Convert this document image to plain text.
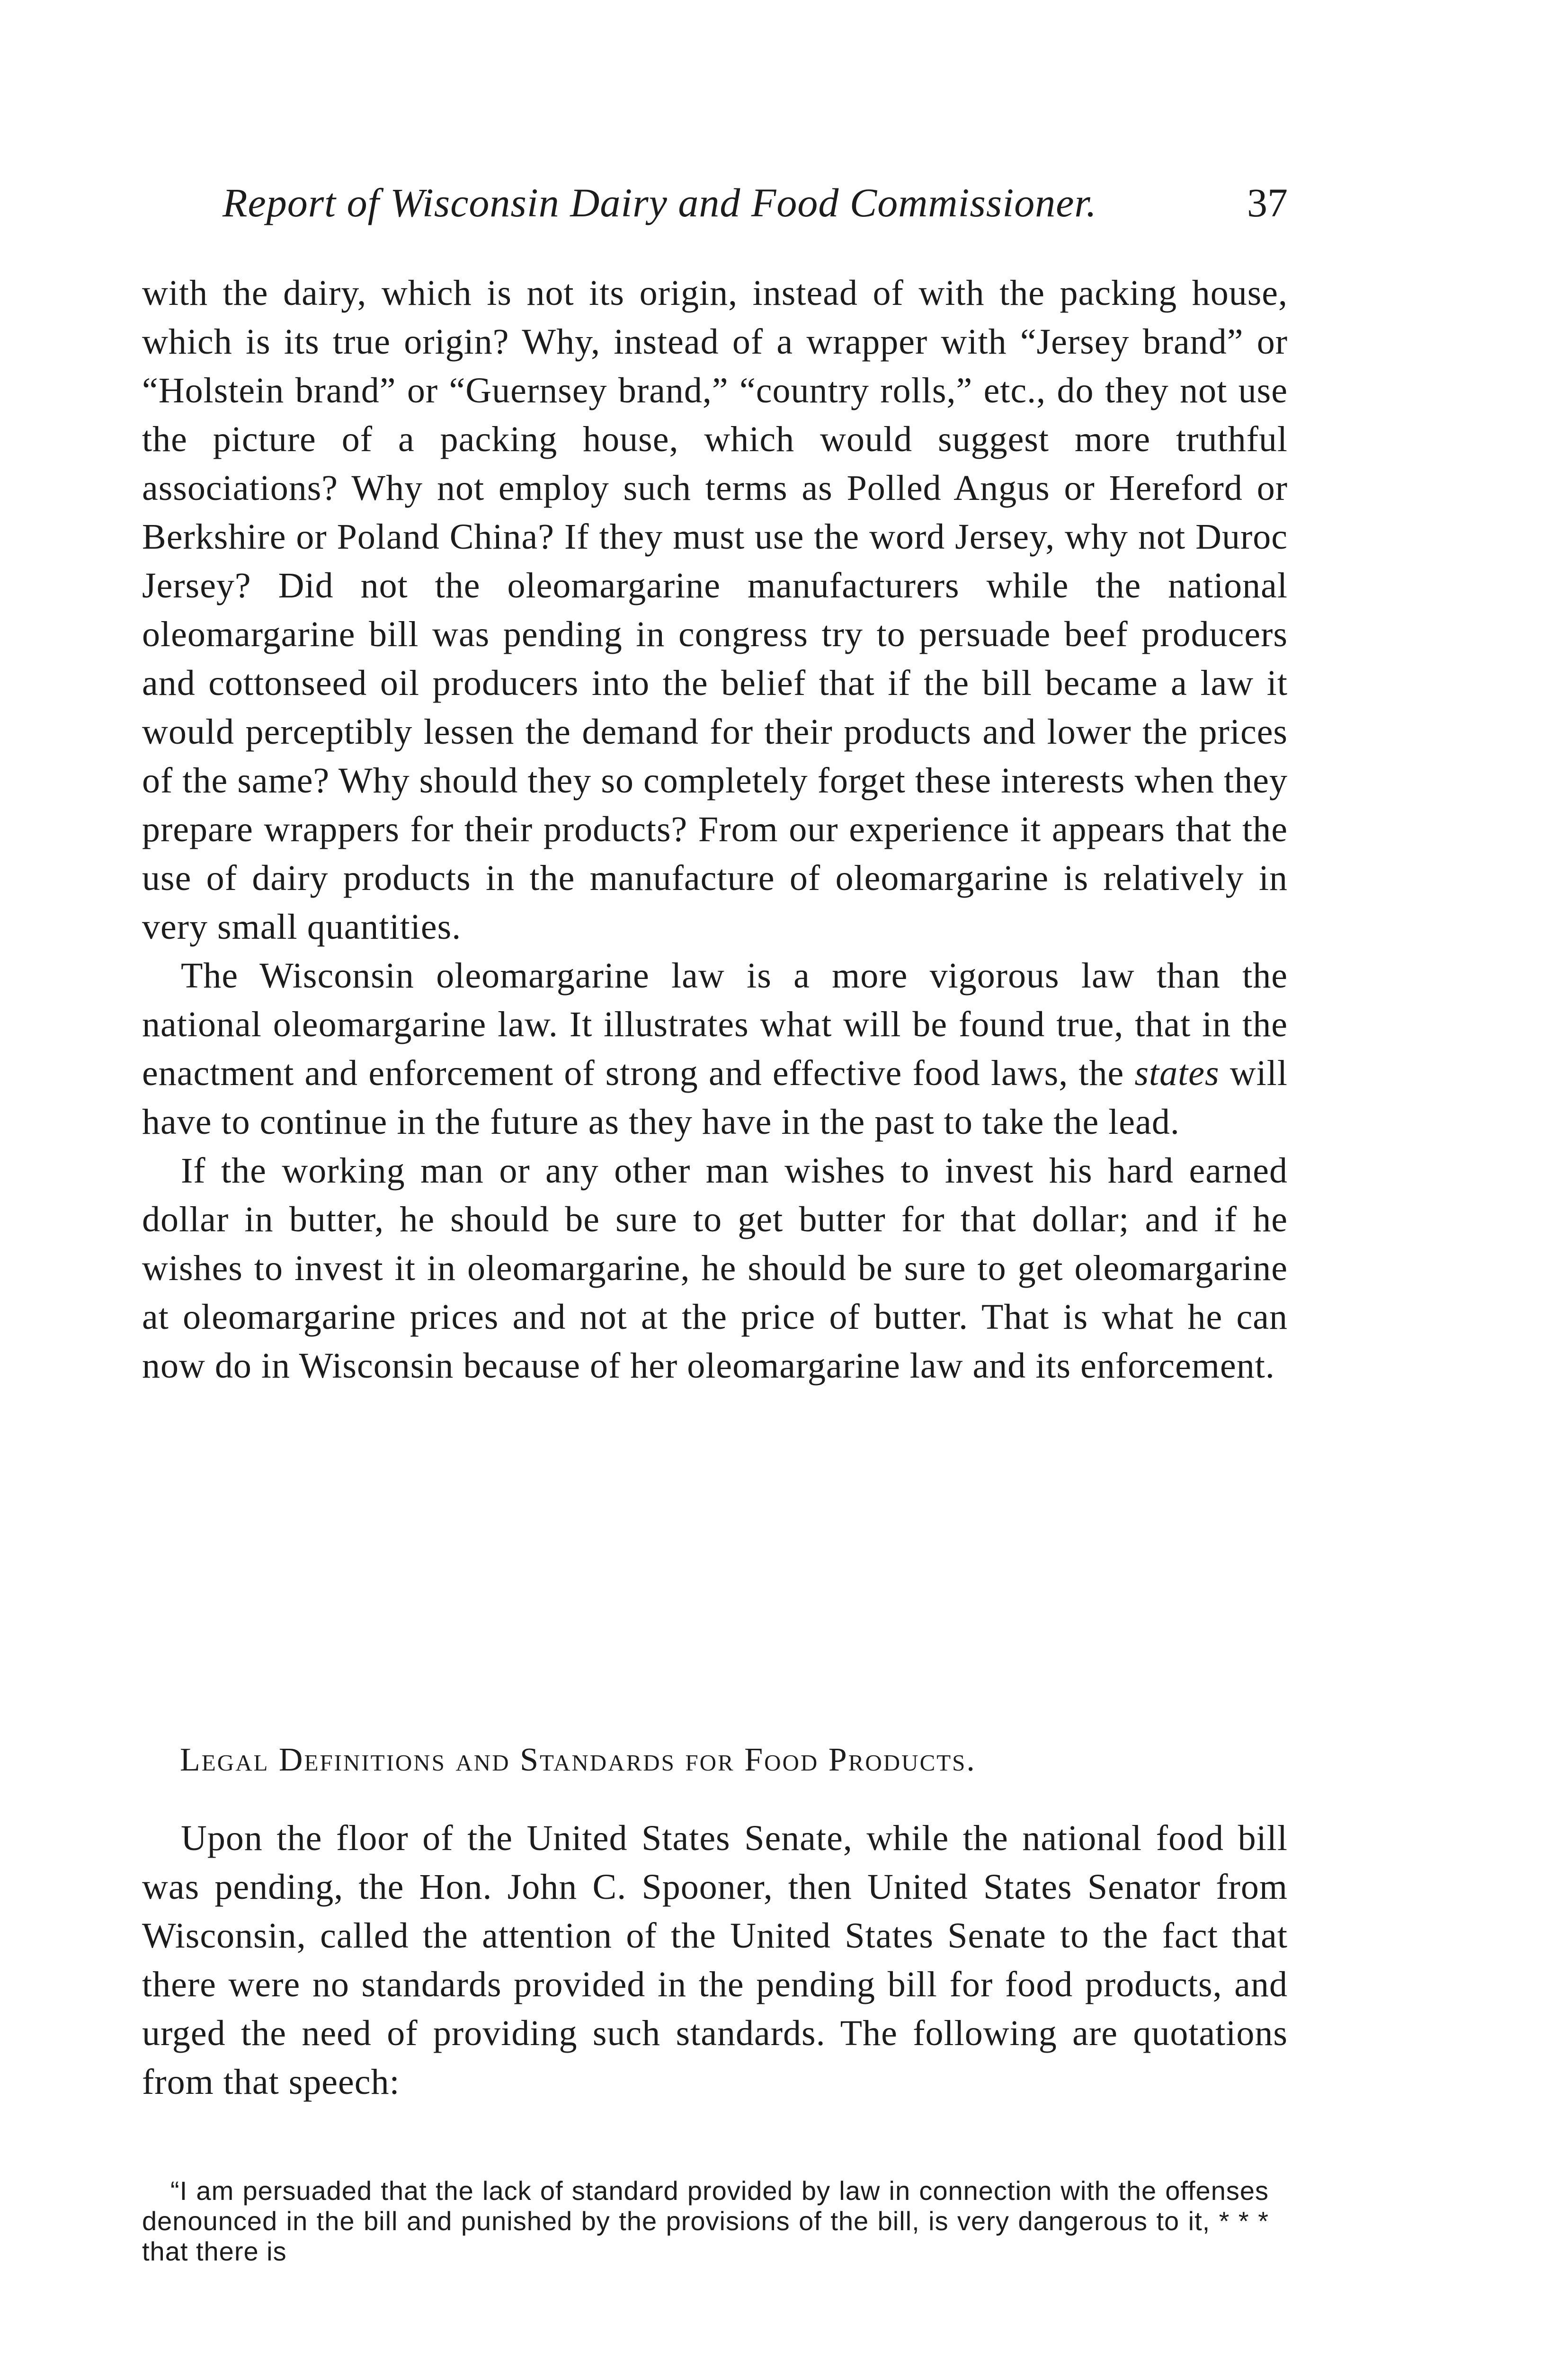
Report of Wisconsin Dairy and Food Commissioner.	37

with the dairy, which is not its origin, instead of with the packing house, which is its true origin? Why, instead of a wrapper with “Jersey brand” or “Holstein brand” or “Guernsey brand,” “country rolls,” etc., do they not use the picture of a packing house, which would suggest more truthful associations? Why not employ such terms as Polled Angus or Hereford or Berkshire or Poland China? If they must use the word Jersey, why not Duroc Jersey? Did not the oleomargarine manufacturers while the national oleomargarine bill was pending in congress try to persuade beef producers and cottonseed oil producers into the belief that if the bill became a law it would perceptibly lessen the demand for their products and lower the prices of the same? Why should they so completely forget these interests when they prepare wrappers for their products? From our experience it appears that the use of dairy products in the manufacture of oleomargarine is relatively in very small quantities.

The Wisconsin oleomargarine law is a more vigorous law than the national oleomargarine law. It illustrates what will be found true, that in the enactment and enforcement of strong and effective food laws, the states will have to continue in the future as they have in the past to take the lead.

If the working man or any other man wishes to invest his hard earned dollar in butter, he should be sure to get butter for that dollar; and if he wishes to invest it in oleomargarine, he should be sure to get oleomargarine at oleomargarine prices and not at the price of butter. That is what he can now do in Wisconsin because of her oleomargarine law and its enforcement.

Legal Definitions and Standards for Food Products.

Upon the floor of the United States Senate, while the national food bill was pending, the Hon. John C. Spooner, then United States Senator from Wisconsin, called the attention of the United States Senate to the fact that there were no standards provided in the pending bill for food products, and urged the need of providing such standards. The following are quotations from that speech:

“I am persuaded that the lack of standard provided by law in connection with the offenses denounced in the bill and punished by the provisions of the bill, is very dangerous to it, * * * that there is
